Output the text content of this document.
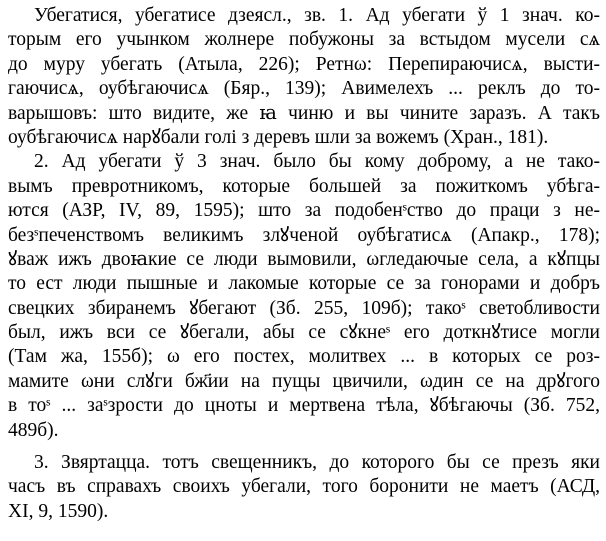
Убегатися, убегатисе дзеясл., зв. 1. Ад убегати ў 1 знач. ко-
торым его учынком жолнере побужоны за встыдом мусели сѧ
до муру убегать (Атыла, 226); Ретнω: Перепираючисѧ, высти-
гаючисѧ, оубѣгаючисѧ (Бяр., 139); Авимелехъ ... реклъ до то-
варышовъ: што видите, же ꙗ чиню и вы чините заразъ. А такъ
оубѣгаючисѧ нарꙋбали голі з деревъ шли за вожемъ (Хран., 181).
2. Ад убегати ў 3 знач. было бы кому доброму, а не тако-
вымъ превротникомъ, которые большей за пожиткомъ убѣга-
ются (АЗР, IV, 89, 1595); што за подобенˢство до праци з не-
безˢпеченствомъ великимъ злꙋченой оубѣгатисѧ (Апакр., 178);
ꙋваж ижъ двоꙗкие се люди вымовили, ωгледаючые села, а кꙋпцы
то ест люди пышные и лакомые которые се за гонорами и добръ
свецких збиранемъ ꙋбегают (Зб. 255, 109б); такоˢ светобливости
был, ижъ вси се ꙋбегали, абы се сꙋкнеˢ его доткнꙋтисе могли
(Там жа, 155б); ω его постех, молитвех ... в которых се роз-
мамите ωни слꙋги бж҃ии на пущы цвичили, ωдин се на дрꙋгого
в тоˢ ... заˢзрости до цноты и мертвена тѣла, ꙋбѣгаючы (Зб. 752,
489б).
3. Звяртацца. тотъ свещенникъ, до которого бы се презъ яки
часъ въ справахъ своихъ убегали, того боронити не маетъ (АСД,
XI, 9, 1590).
